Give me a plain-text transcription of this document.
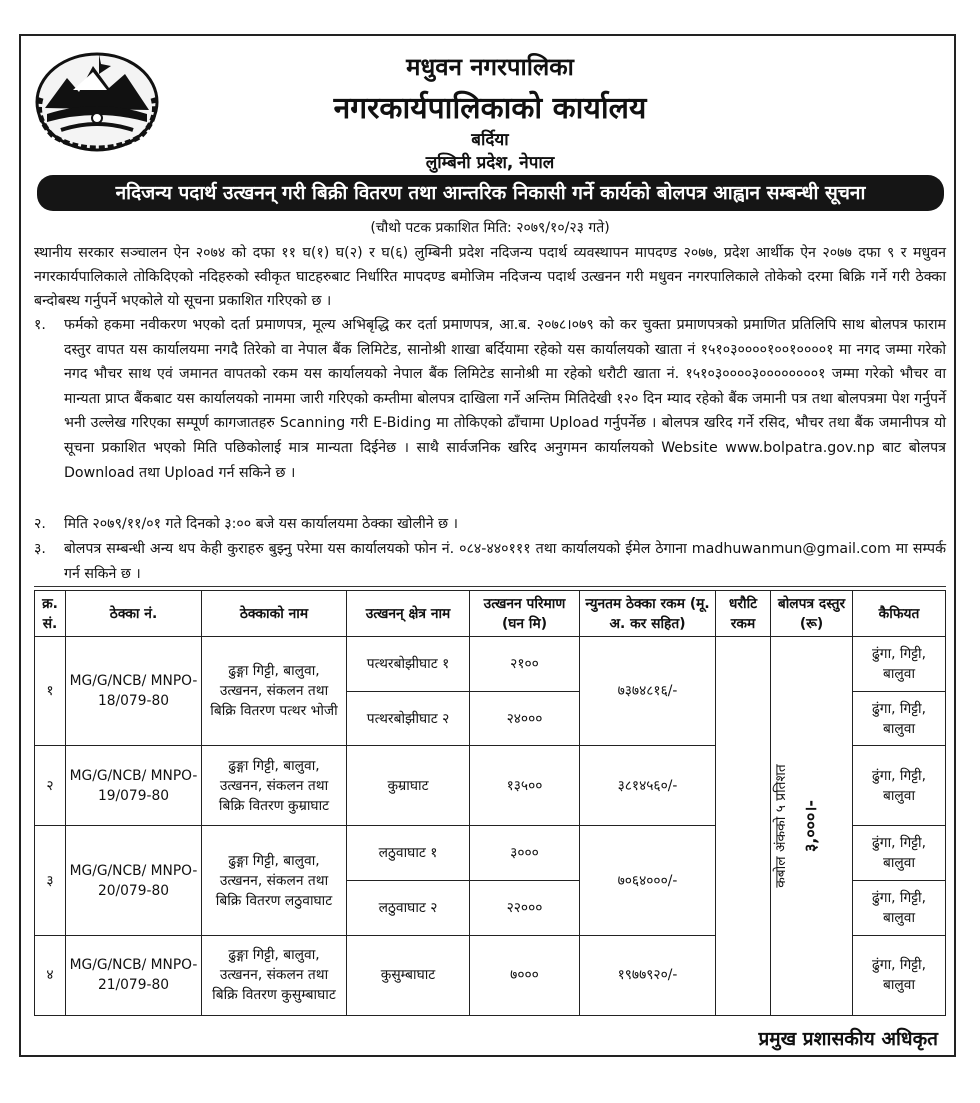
मधुवन नगरपालिका
नगरकार्यपालिकाको कार्यालय
बर्दिया
लुम्बिनी प्रदेश, नेपाल
नदिजन्य पदार्थ उत्खनन् गरी बिक्री वितरण तथा आन्तरिक निकासी गर्ने कार्यको बोलपत्र आह्वान सम्बन्धी सूचना
(चौथो पटक प्रकाशित मिति: २०७९/१०/२३ गते)

स्थानीय सरकार सञ्चालन ऐन २०७४ को दफा ११ घ(१) घ(२) र घ(६) लुम्बिनी प्रदेश नदिजन्य पदार्थ व्यवस्थापन मापदण्ड २०७७, प्रदेश आर्थीक ऐन २०७७ दफा ९ र मधुवन नगरकार्यपालिकाले तोकिदिएको नदिहरुको स्वीकृत घाटहरुबाट निर्धारित मापदण्ड बमोजिम नदिजन्य पदार्थ उत्खनन गरी मधुवन नगरपालिकाले तोकेको दरमा बिक्रि गर्ने गरी ठेक्का बन्दोबस्थ गर्नुपर्ने भएकोले यो सूचना प्रकाशित गरिएको छ ।

१.	फर्मको हकमा नवीकरण भएको दर्ता प्रमाणपत्र, मूल्य अभिबृद्धि कर दर्ता प्रमाणपत्र, आ.ब. २०७८।०७९ को कर चुक्ता प्रमाणपत्रको प्रमाणित प्रतिलिपि साथ बोलपत्र फाराम दस्तुर वापत यस कार्यालयमा नगदै तिरेको वा नेपाल बैंक लिमिटेड, सानोश्री शाखा बर्दियामा रहेको यस कार्यालयको खाता नं १५१०३००००१००१००००१ मा नगद जम्मा गरेको नगद भौचर साथ एवं जमानत वापतको रकम यस कार्यालयको नेपाल बैंक लिमिटेड सानोश्री मा रहेको धरौटी खाता नं. १५१०३००००३००००००००१ जम्मा गरेको भौचर वा मान्यता प्राप्त बैंकबाट यस कार्यालयको नाममा जारी गरिएको कम्तीमा बोलपत्र दाखिला गर्ने अन्तिम मितिदेखी १२० दिन म्याद रहेको बैंक जमानी पत्र तथा बोलपत्रमा पेश गर्नुपर्ने भनी उल्लेख गरिएका सम्पूर्ण कागजातहरु Scanning गरी E-Biding मा तोकिएको ढाँचामा Upload गर्नुपर्नेछ । बोलपत्र खरिद गर्ने रसिद, भौचर तथा बैंक जमानीपत्र यो सूचना प्रकाशित भएको मिति पछिकोलाई मात्र मान्यता दिईनेछ । साथै सार्वजनिक खरिद अनुगमन कार्यालयको Website www.bolpatra.gov.np बाट बोलपत्र Download तथा Upload गर्न सकिने छ ।
२.	मिति २०७९/११/०१ गते दिनको ३:०० बजे यस कार्यालयमा ठेक्का खोलीने छ ।
३.	बोलपत्र सम्बन्धी अन्य थप केही कुराहरु बुझ्नु परेमा यस कार्यालयको फोन नं. ०८४-४४०१११ तथा कार्यालयको ईमेल ठेगाना madhuwanmun@gmail.com मा सम्पर्क गर्न सकिने छ ।
क्र. सं.	ठेक्का नं.	ठेक्काको नाम	उत्खनन् क्षेत्र नाम	उत्खनन परिमाण (घन मि)	न्युनतम ठेक्का रकम (मू. अ. कर सहित)	धरौटि रकम	बोलपत्र दस्तुर (रू)	कैफियत
१	MG/G/NCB/ MNPO-18/079-80	ढुङ्गा गिट्टी, बालुवा, उत्खनन, संकलन तथा बिक्रि वितरण पत्थर भोजी	पत्थरबोझीघाट १	२१००	७३७४८१६/-	कबोल अंकको ५ प्रतिशत	३,०००।-	ढुंगा, गिट्टी, बालुवा
			पत्थरबोझीघाट २	२४०००				ढुंगा, गिट्टी, बालुवा
२	MG/G/NCB/ MNPO-19/079-80	ढुङ्गा गिट्टी, बालुवा, उत्खनन, संकलन तथा बिक्रि वितरण कुम्राघाट	कुम्राघाट	१३५००	३८१४५६०/-			ढुंगा, गिट्टी, बालुवा
३	MG/G/NCB/ MNPO-20/079-80	ढुङ्गा गिट्टी, बालुवा, उत्खनन, संकलन तथा बिक्रि वितरण लठुवाघाट	लठुवाघाट १	३०००	७०६४०००/-			ढुंगा, गिट्टी, बालुवा
			लठुवाघाट २	२२०००				ढुंगा, गिट्टी, बालुवा
४	MG/G/NCB/ MNPO-21/079-80	ढुङ्गा गिट्टी, बालुवा, उत्खनन, संकलन तथा बिक्रि वितरण कुसुम्बाघाट	कुसुम्बाघाट	७०००	१९७७९२०/-			ढुंगा, गिट्टी, बालुवा
प्रमुख प्रशासकीय अधिकृत
